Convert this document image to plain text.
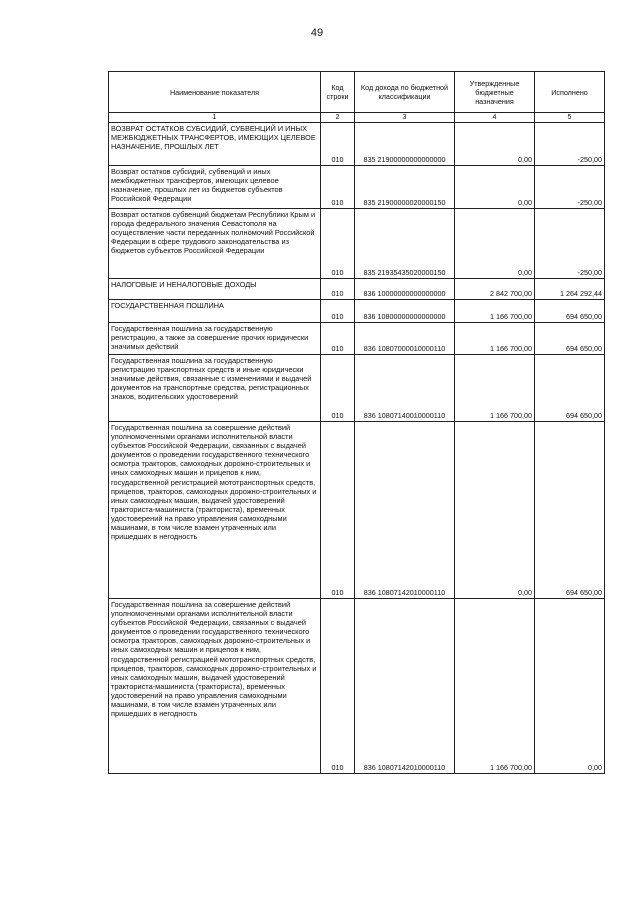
49
Наименование показателя	Код строки	Код дохода по бюджетной классификации	Утвержденные бюджетные назначения	Исполнено
1	2	3	4	5
ВОЗВРАТ ОСТАТКОВ СУБСИДИЙ, СУБВЕНЦИЙ И ИНЫХ МЕЖБЮДЖЕТНЫХ ТРАНСФЕРТОВ, ИМЕЮЩИХ ЦЕЛЕВОЕ НАЗНАЧЕНИЕ, ПРОШЛЫХ ЛЕТ	010	835 21900000000000000	0,00	-250,00
Возврат остатков субсидий, субвенций и иных межбюджетных трансфертов, имеющих целевое назначение, прошлых лет из бюджетов субъектов Российской Федерации	010	835 21900000020000150	0,00	-250,00
Возврат остатков субвенций бюджетам Республики Крым и города федерального значения Севастополя на осуществление части переданных полномочий Российской Федерации в сфере трудового законодательства из бюджетов субъектов Российской Федерации	010	835 21935435020000150	0,00	-250,00
НАЛОГОВЫЕ И НЕНАЛОГОВЫЕ ДОХОДЫ	010	836 10000000000000000	2 842 700,00	1 264 292,44
ГОСУДАРСТВЕННАЯ ПОШЛИНА	010	836 10800000000000000	1 166 700,00	694 650,00
Государственная пошлина за государственную регистрацию, а также за совершение прочих юридически значимых действий	010	836 10807000010000110	1 166 700,00	694 650,00
Государственная пошлина за государственную регистрацию транспортных средств и иные юридически значимые действия, связанные с изменениями и выдачей документов на транспортные средства, регистрационных знаков, водительских удостоверений	010	836 10807140010000110	1 166 700,00	694 650,00
Государственная пошлина за совершение действий уполномоченными органами исполнительной власти субъектов Российской Федерации, связанных с выдачей документов о проведении государственного технического осмотра тракторов, самоходных дорожно-строительных и иных самоходных машин и прицепов к ним, государственной регистрацией мототранспортных средств, прицепов, тракторов, самоходных дорожно-строительных и иных самоходных машин, выдачей удостоверений тракториста-машиниста (тракториста), временных удостоверений на право управления самоходными машинами, в том числе взамен утраченных или пришедших в негодность	010	836 10807142010000110	0,00	694 650,00
Государственная пошлина за совершение действий уполномоченными органами исполнительной власти субъектов Российской Федерации, связанных с выдачей документов о проведении государственного технического осмотра тракторов, самоходных дорожно-строительных и иных самоходных машин и прицепов к ним, государственной регистрацией мототранспортных средств, прицепов, тракторов, самоходных дорожно-строительных и иных самоходных машин, выдачей удостоверений тракториста-машиниста (тракториста), временных удостоверений на право управления самоходными машинами, в том числе взамен утраченных или пришедших в негодность	010	836 10807142010000110	1 166 700,00	0,00
